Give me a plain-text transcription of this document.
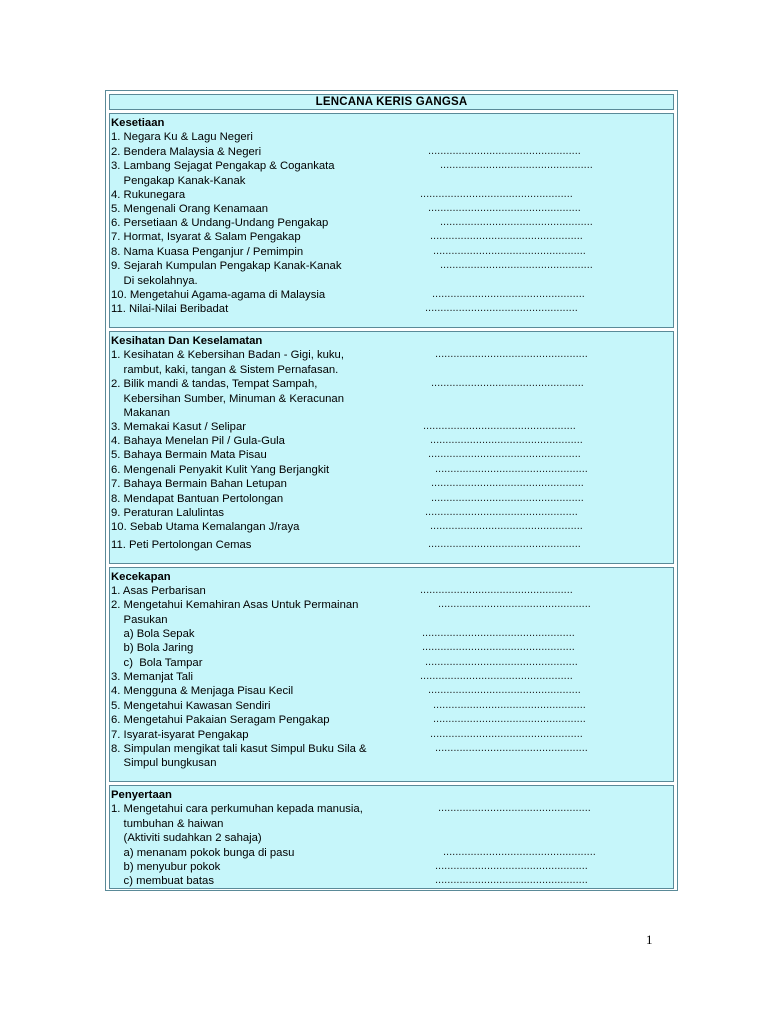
LENCANA KERIS GANGSA
Kesetiaan
1. Negara Ku & Lagu Negeri
2. Bendera Malaysia & Negeri	..................................................
3. Lambang Sejagat Pengakap & Cogankata	..................................................
Pengakap Kanak-Kanak
4. Rukunegara	..................................................
5. Mengenali Orang Kenamaan	..................................................
6. Persetiaan & Undang-Undang Pengakap	..................................................
7. Hormat, Isyarat & Salam Pengakap	..................................................
8. Nama Kuasa Penganjur / Pemimpin	..................................................
9. Sejarah Kumpulan Pengakap Kanak-Kanak	..................................................
Di sekolahnya.
10. Mengetahui Agama-agama di Malaysia	..................................................
11. Nilai-Nilai Beribadat	..................................................
Kesihatan Dan Keselamatan
1. Kesihatan & Kebersihan Badan - Gigi, kuku,	..................................................
rambut, kaki, tangan & Sistem Pernafasan.
2. Bilik mandi & tandas, Tempat Sampah,	..................................................
Kebersihan Sumber, Minuman & Keracunan
Makanan
3. Memakai Kasut / Selipar	..................................................
4. Bahaya Menelan Pil / Gula-Gula	..................................................
5. Bahaya Bermain Mata Pisau	..................................................
6. Mengenali Penyakit Kulit Yang Berjangkit	..................................................
7. Bahaya Bermain Bahan Letupan	..................................................
8. Mendapat Bantuan Pertolongan	..................................................
9. Peraturan Lalulintas	..................................................
10. Sebab Utama Kemalangan J/raya	..................................................
11. Peti Pertolongan Cemas	..................................................
Kecekapan
1. Asas Perbarisan	..................................................
2. Mengetahui Kemahiran Asas Untuk Permainan	..................................................
Pasukan
a) Bola Sepak	..................................................
b) Bola Jaring	..................................................
c)  Bola Tampar	..................................................
3. Memanjat Tali	..................................................
4. Mengguna & Menjaga Pisau Kecil	..................................................
5. Mengetahui Kawasan Sendiri	..................................................
6. Mengetahui Pakaian Seragam Pengakap	..................................................
7. Isyarat-isyarat Pengakap	..................................................
8. Simpulan mengikat tali kasut Simpul Buku Sila &	..................................................
Simpul bungkusan
Penyertaan
1. Mengetahui cara perkumuhan kepada manusia,	..................................................
tumbuhan & haiwan
(Aktiviti sudahkan 2 sahaja)
a) menanam pokok bunga di pasu	..................................................
b) menyubur pokok	..................................................
c) membuat batas	..................................................
1
